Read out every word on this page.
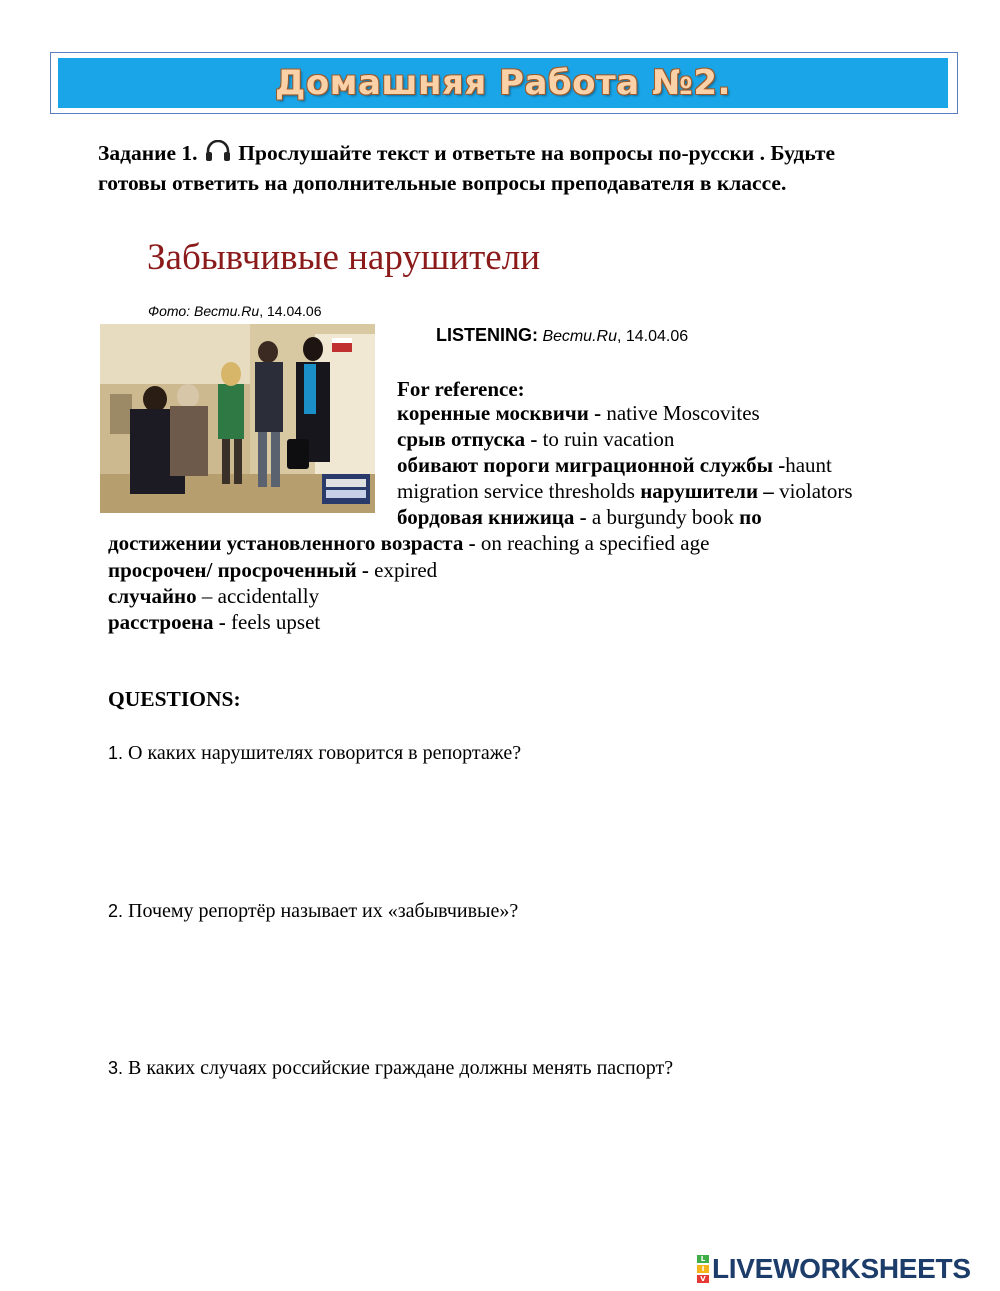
Домашняя Работа №2.
Задание 1. Прослушайте текст и ответьте на вопросы по-русски . Будьте готовы ответить на дополнительные вопросы преподавателя в классе.
Забывчивые нарушители
Фото: Вести.Ru, 14.04.06
LISTENING: Вести.Ru, 14.04.06
For reference:
коренные москвичи - native Moscovites
срыв отпуска - to ruin vacation
обивают пороги миграционной службы -haunt
migration service thresholds нарушители – violators
бордовая книжица - a burgundy book по
достижении установленного возраста - on reaching a specified age
просрочен/ просроченный - expired
случайно – accidentally
расстроена - feels upset
QUESTIONS:
1. О каких нарушителях говорится в репортаже?
2. Почему репортёр называет их «забывчивые»?
3. В каких случаях российские граждане должны менять паспорт?
L
I
V LIVEWORKSHEETS
